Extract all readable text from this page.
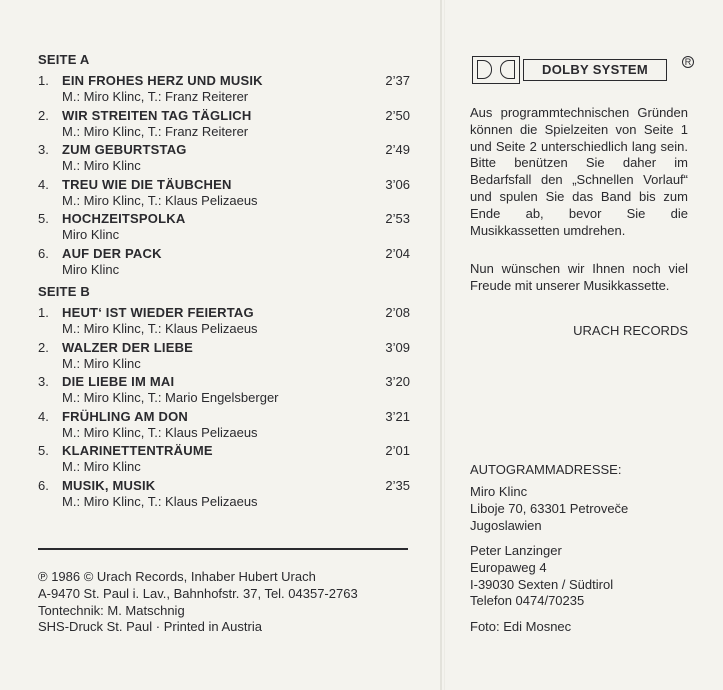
SEITE A
1. EIN FROHES HERZ UND MUSIK
M.: Miro Klinc, T.: Franz Reiterer
2’37
2. WIR STREITEN TAG TÄGLICH
M.: Miro Klinc, T.: Franz Reiterer
2’50
3. ZUM GEBURTSTAG
M.: Miro Klinc
2’49
4. TREU WIE DIE TÄUBCHEN
M.: Miro Klinc, T.: Klaus Pelizaeus
3’06
5. HOCHZEITSPOLKA
Miro Klinc
2’53
6. AUF DER PACK
Miro Klinc
2’04
SEITE B
1. HEUT‘ IST WIEDER FEIERTAG
M.: Miro Klinc, T.: Klaus Pelizaeus
2’08
2. WALZER DER LIEBE
M.: Miro Klinc
3’09
3. DIE LIEBE IM MAI
M.: Miro Klinc, T.: Mario Engelsberger
3’20
4. FRÜHLING AM DON
M.: Miro Klinc, T.: Klaus Pelizaeus
3’21
5. KLARINETTENTRÄUME
M.: Miro Klinc
2’01
6. MUSIK, MUSIK
M.: Miro Klinc, T.: Klaus Pelizaeus
2’35
℗ 1986 © Urach Records, Inhaber Hubert Urach
A-9470 St. Paul i. Lav., Bahnhofstr. 37, Tel. 04357-2763
Tontechnik: M. Matschnig
SHS-Druck St. Paul · Printed in Austria
DOLBY SYSTEM	R
Aus programmtechnischen Gründen können die Spielzeiten von Seite 1 und Seite 2 unterschiedlich lang sein. Bitte benützen Sie daher im Bedarfsfall den „Schnellen Vorlauf“ und spulen Sie das Band bis zum Ende ab, bevor Sie die Musikkassetten umdrehen.
Nun wünschen wir Ihnen noch viel Freude mit unserer Musikkassette.
URACH RECORDS
AUTOGRAMMADRESSE:
Miro Klinc
Liboje 70, 63301 Petrovec̆e
Jugoslawien
Peter Lanzinger
Europaweg 4
I-39030 Sexten / Südtirol
Telefon 0474/70235
Foto: Edi Mosnec
